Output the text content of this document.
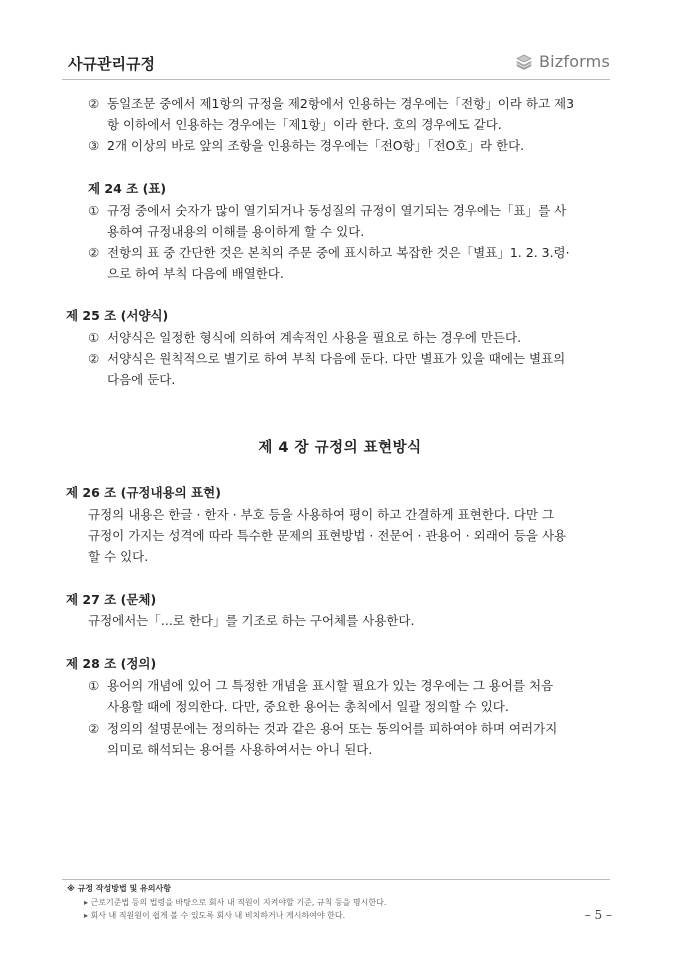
사규관리규정	Bizforms
② 동일조문 중에서 제1항의 규정을 제2항에서 인용하는 경우에는「전항」이라 하고 제3
항 이하에서 인용하는 경우에는「제1항」이라 한다. 호의 경우에도 같다.
③ 2개 이상의 바로 앞의 조항을 인용하는 경우에는「전O항」「전O호」라 한다.
제 24 조 (표)
① 규정 중에서 숫자가 많이 열기되거나 동성질의 규정이 열기되는 경우에는「표」를 사
용하여 규정내용의 이해를 용이하게 할 수 있다.
② 전항의 표 중 간단한 것은 본칙의 주문 중에 표시하고 복잡한 것은「별표」1. 2. 3.령·
으로 하여 부칙 다음에 배열한다.
제 25 조 (서양식)
① 서양식은 일정한 형식에 의하여 계속적인 사용을 필요로 하는 경우에 만든다.
② 서양식은 원칙적으로 별기로 하여 부칙 다음에 둔다. 다만 별표가 있을 때에는 별표의
다음에 둔다.
제 4 장 규정의 표현방식
제 26 조 (규정내용의 표현)
규정의 내용은 한글 · 한자 · 부호 등을 사용하여 평이 하고 간결하게 표현한다. 다만 그
규정이 가지는 성격에 따라 특수한 문제의 표현방법 · 전문어 · 관용어 · 외래어 등을 사용
할 수 있다.
제 27 조 (문체)
규정에서는「...로 한다」를 기조로 하는 구어체를 사용한다.
제 28 조 (정의)
① 용어의 개념에 있어 그 특정한 개념을 표시할 필요가 있는 경우에는 그 용어를 처음
사용할 때에 정의한다. 다만, 중요한 용어는 총칙에서 일괄 정의할 수 있다.
② 정의의 설명문에는 정의하는 것과 같은 용어 또는 동의어를 피하여야 하며 여러가지
의미로 해석되는 용어를 사용하여서는 아니 된다.
※ 규정 작성방법 및 유의사항
▸ 근로기준법 등의 법령을 바탕으로 회사 내 직원이 지켜야할 기준, 규칙 등을 명시한다.
▸ 회사 내 직원원이 쉽게 볼 수 있도록 회사 내 비치하거나 게시하여야 한다.	– 5 –
